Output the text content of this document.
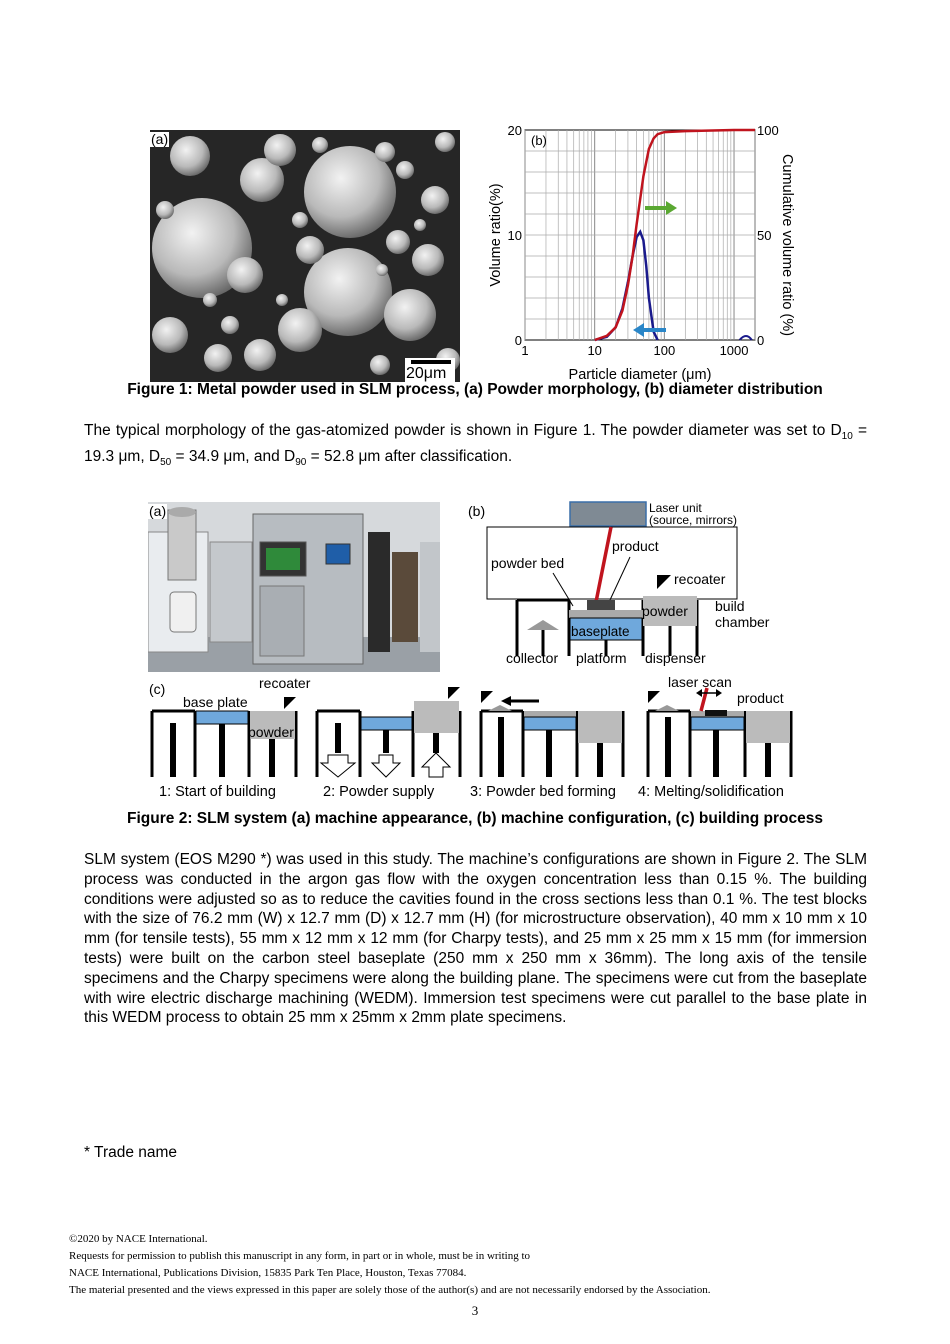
(a)
20μm
1	10	100	1000
0
10
20
0
50
100
(b)
Particle diameter (μm)
Volume ratio(%)	Cumulative volume ratio (%)
Figure 1: Metal powder used in SLM process, (a) Powder morphology, (b) diameter distribution
The typical morphology of the gas-atomized powder is shown in Figure 1. The powder diameter was set to $D_{10} = 19.3$ μm, $D_{50} = 34.9$ μm, and $D_{90} = 52.8$ μm after classification.
(b)	Laser unit
(source, mirrors)
product
powder bed
recoater
baseplate
powder build
chamber
collector platform dispenser
(c)	recoater
base plate
laser scan
product
powder
1: Start of building	2: Powder supply 3: Powder bed forming 4: Melting/solidification
(a)
Figure 2: SLM system (a) machine appearance, (b) machine configuration, (c) building process
SLM system (EOS M290 *) was used in this study. The machine’s configurations are shown in Figure 2. The SLM process was conducted in the argon gas flow with the oxygen concentration less than 0.15 %. The building conditions were adjusted so as to reduce the cavities found in the cross sections less than 0.1 %. The test blocks with the size of 76.2 mm (W) x 12.7 mm (D) x 12.7 mm (H) (for microstructure observation), 40 mm x 10 mm x 10 mm (for tensile tests), 55 mm x 12 mm x 12 mm (for Charpy tests), and 25 mm x 25 mm x 15 mm (for immersion tests) were built on the carbon steel baseplate (250 mm x 250 mm x 36mm). The long axis of the tensile specimens and the Charpy specimens were along the building plane. The specimens were cut from the baseplate with wire electric discharge machining (WEDM). Immersion test specimens were cut parallel to the base plate in this WEDM process to obtain 25 mm x 25mm x 2mm plate specimens.
* Trade name
©2020 by NACE International.
Requests for permission to publish this manuscript in any form, in part or in whole, must be in writing to
NACE International, Publications Division, 15835 Park Ten Place, Houston, Texas 77084.
The material presented and the views expressed in this paper are solely those of the author(s) and are not necessarily endorsed by the Association.
3
